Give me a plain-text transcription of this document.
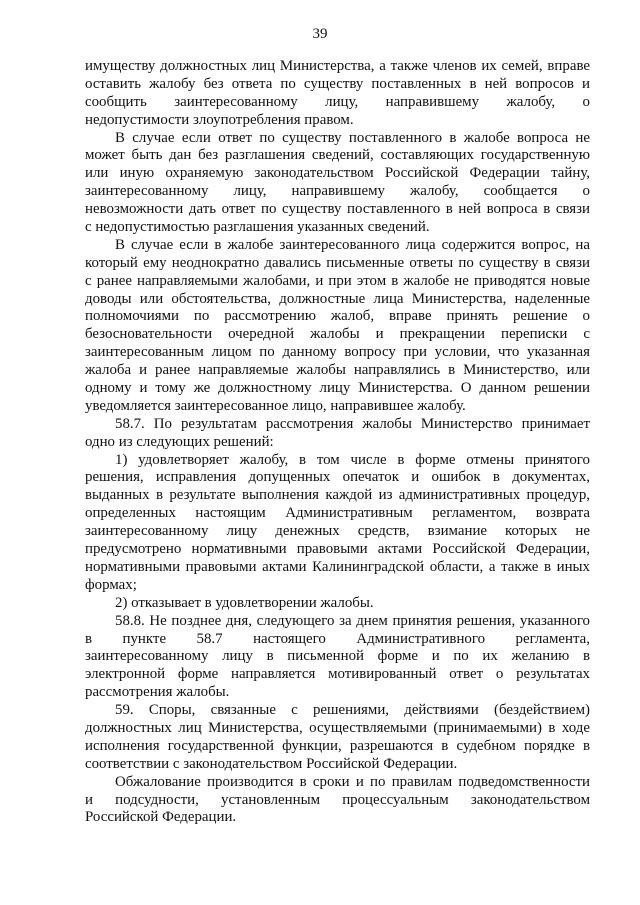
39
имуществу должностных лиц Министерства, а также членов их семей, вправе
оставить жалобу без ответа по существу поставленных в ней вопросов и
сообщить заинтересованному лицу, направившему жалобу, о
недопустимости злоупотребления правом.
В случае если ответ по существу поставленного в жалобе вопроса не
может быть дан без разглашения сведений, составляющих государственную
или иную охраняемую законодательством Российской Федерации тайну,
заинтересованному лицу, направившему жалобу, сообщается о
невозможности дать ответ по существу поставленного в ней вопроса в связи
с недопустимостью разглашения указанных сведений.
В случае если в жалобе заинтересованного лица содержится вопрос, на
который ему неоднократно давались письменные ответы по существу в связи
с ранее направляемыми жалобами, и при этом в жалобе не приводятся новые
доводы или обстоятельства, должностные лица Министерства, наделенные
полномочиями по рассмотрению жалоб, вправе принять решение о
безосновательности очередной жалобы и прекращении переписки с
заинтересованным лицом по данному вопросу при условии, что указанная
жалоба и ранее направляемые жалобы направлялись в Министерство, или
одному и тому же должностному лицу Министерства. О данном решении
уведомляется заинтересованное лицо, направившее жалобу.
58.7. По результатам рассмотрения жалобы Министерство принимает
одно из следующих решений:
1) удовлетворяет жалобу, в том числе в форме отмены принятого
решения, исправления допущенных опечаток и ошибок в документах,
выданных в результате выполнения каждой из административных процедур,
определенных настоящим Административным регламентом, возврата
заинтересованному лицу денежных средств, взимание которых не
предусмотрено нормативными правовыми актами Российской Федерации,
нормативными правовыми актами Калининградской области, а также в иных
формах;
2) отказывает в удовлетворении жалобы.
58.8. Не позднее дня, следующего за днем принятия решения, указанного
в пункте 58.7 настоящего Административного регламента,
заинтересованному лицу в письменной форме и по их желанию в
электронной форме направляется мотивированный ответ о результатах
рассмотрения жалобы.
59. Споры, связанные с решениями, действиями (бездействием)
должностных лиц Министерства, осуществляемыми (принимаемыми) в ходе
исполнения государственной функции, разрешаются в судебном порядке в
соответствии с законодательством Российской Федерации.
Обжалование производится в сроки и по правилам подведомственности
и подсудности, установленным процессуальным законодательством
Российской Федерации.
